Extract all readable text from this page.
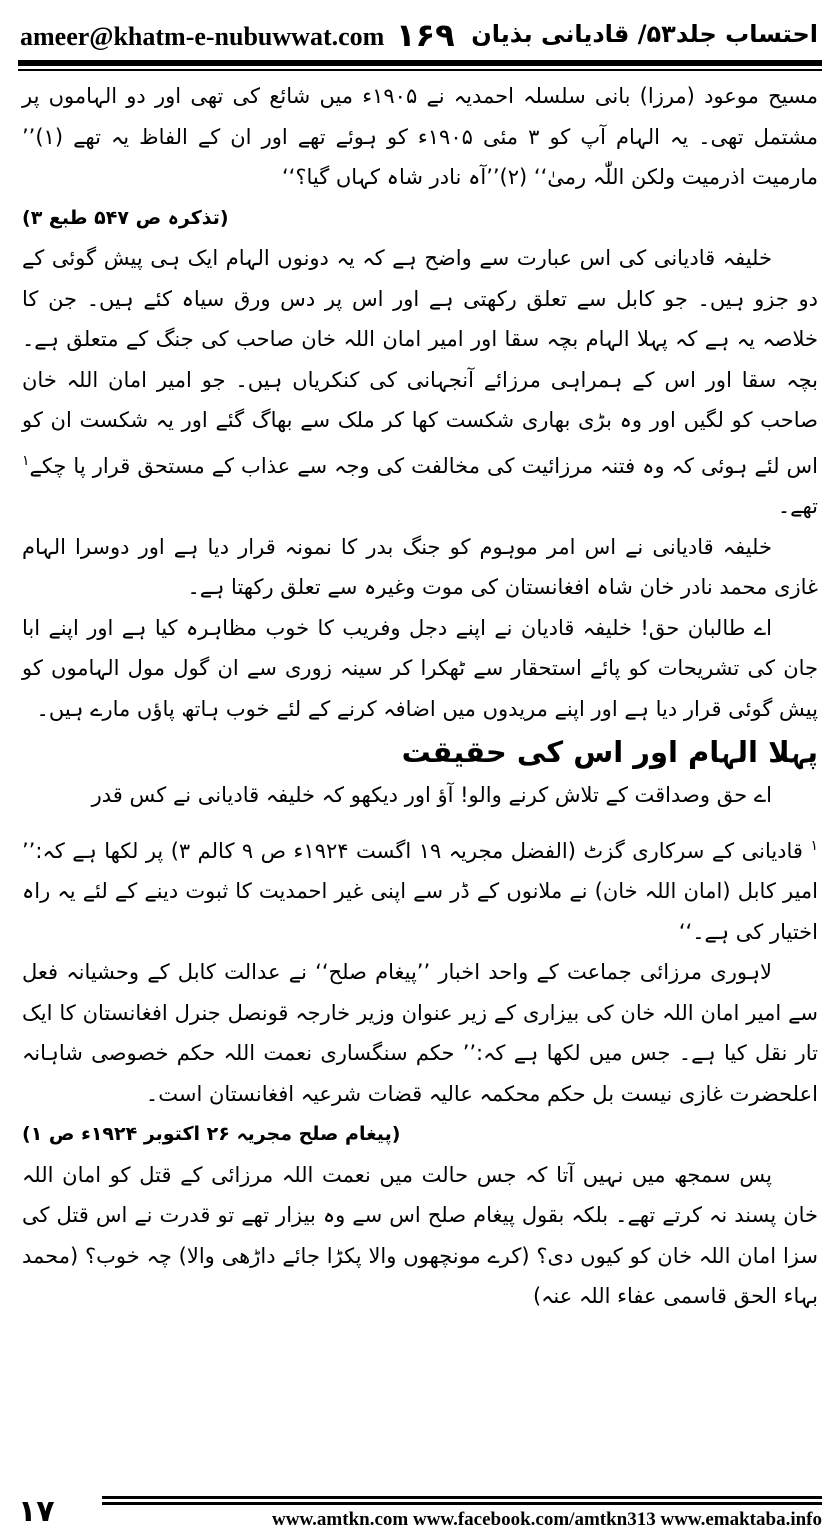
ameer@khatm-e-nubuwwat.com ۱۶۹ احتساب جلد۵۳/ قادیانی بذیان

مسیح موعود (مرزا) بانی سلسلہ احمدیہ نے ۱۹۰۵ء میں شائع کی تھی اور دو الہاموں پر مشتمل تھی۔ یہ الہام آپ کو ۳ مئی ۱۹۰۵ء کو ہوئے تھے اور ان کے الفاظ یہ تھے (۱)’’ مارمیت اذرمیت ولکن اللّٰہ رمیٰ‘‘ (۲)’’آہ نادر شاہ کہاں گیا؟‘‘

(تذکرہ ص ۵۴۷ طبع ۳)

خلیفہ قادیانی کی اس عبارت سے واضح ہے کہ یہ دونوں الہام ایک ہی پیش گوئی کے دو جزو ہیں۔ جو کابل سے تعلق رکھتی ہے اور اس پر دس ورق سیاہ کئے ہیں۔ جن کا خلاصہ یہ ہے کہ پہلا الہام بچہ سقا اور امیر امان اللہ خان صاحب کی جنگ کے متعلق ہے۔ بچہ سقا اور اس کے ہمراہی مرزائے آنجہانی کی کنکریاں ہیں۔ جو امیر امان اللہ خان صاحب کو لگیں اور وہ بڑی بھاری شکست کھا کر ملک سے بھاگ گئے اور یہ شکست ان کو اس لئے ہوئی کہ وہ فتنہ مرزائیت کی مخالفت کی وجہ سے عذاب کے مستحق قرار پا چکے$^۱$ تھے۔

خلیفہ قادیانی نے اس امر موہوم کو جنگ بدر کا نمونہ قرار دیا ہے اور دوسرا الہام غازی محمد نادر خان شاہ افغانستان کی موت وغیرہ سے تعلق رکھتا ہے۔

اے طالبان حق! خلیفہ قادیان نے اپنے دجل وفریب کا خوب مظاہرہ کیا ہے اور اپنے ابا جان کی تشریحات کو پائے استحقار سے ٹھکرا کر سینہ زوری سے ان گول مول الہاموں کو پیش گوئی قرار دیا ہے اور اپنے مریدوں میں اضافہ کرنے کے لئے خوب ہاتھ پاؤں مارے ہیں۔

پہلا الہام اور اس کی حقیقت

اے حق وصداقت کے تلاش کرنے والو! آؤ اور دیکھو کہ خلیفہ قادیانی نے کس قدر

$^۱$ قادیانی کے سرکاری گزٹ (الفضل مجریہ ۱۹ اگست ۱۹۲۴ء ص ۹ کالم ۳) پر لکھا ہے کہ:’’ امیر کابل (امان اللہ خان) نے ملانوں کے ڈر سے اپنی غیر احمدیت کا ثبوت دینے کے لئے یہ راہ اختیار کی ہے۔‘‘

لاہوری مرزائی جماعت کے واحد اخبار ’’پیغام صلح‘‘ نے عدالت کابل کے وحشیانہ فعل سے امیر امان اللہ خان کی بیزاری کے زیر عنوان وزیر خارجہ قونصل جنرل افغانستان کا ایک تار نقل کیا ہے۔ جس میں لکھا ہے کہ:’’ حکم سنگساری نعمت اللہ حکم خصوصی شاہانہ اعلحضرت غازی نیست بل حکم محکمہ عالیہ قضات شرعیہ افغانستان است۔

(پیغام صلح مجریہ ۲۶ اکتوبر ۱۹۲۴ء ص ۱)

پس سمجھ میں نہیں آتا کہ جس حالت میں نعمت اللہ مرزائی کے قتل کو امان اللہ خان پسند نہ کرتے تھے۔ بلکہ بقول پیغام صلح اس سے وہ بیزار تھے تو قدرت نے اس قتل کی سزا امان اللہ خان کو کیوں دی؟ (کرے مونچھوں والا پکڑا جائے داڑھی والا) چہ خوب؟ (محمد بہاء الحق قاسمی عفاء اللہ عنہ)

۱۷	www.amtkn.com www.facebook.com/amtkn313 www.emaktaba.info
